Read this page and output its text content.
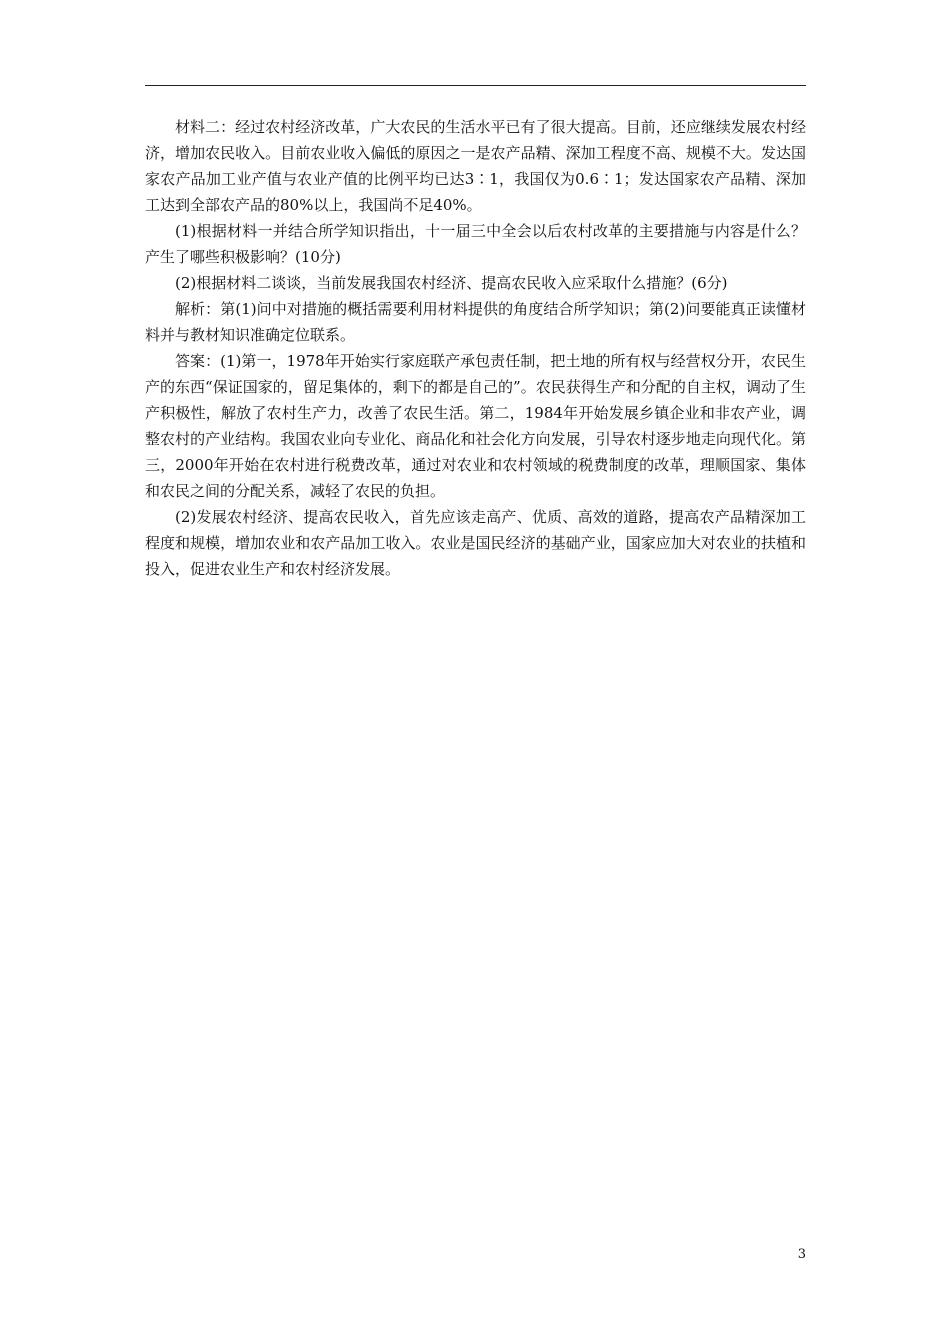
材料二：经过农村经济改革，广大农民的生活水平已有了很大提高。目前，还应继续发展农村经济，增加农民收入。目前农业收入偏低的原因之一是农产品精、深加工程度不高、规模不大。发达国家农产品加工业产值与农业产值的比例平均已达3∶1，我国仅为0.6∶1；发达国家农产品精、深加工达到全部农产品的80%以上，我国尚不足40%。

(1)根据材料一并结合所学知识指出，十一届三中全会以后农村改革的主要措施与内容是什么？产生了哪些积极影响？(10分)

(2)根据材料二谈谈，当前发展我国农村经济、提高农民收入应采取什么措施？(6分)

解析：第(1)问中对措施的概括需要利用材料提供的角度结合所学知识；第(2)问要能真正读懂材料并与教材知识准确定位联系。

答案：(1)第一，1978年开始实行家庭联产承包责任制，把土地的所有权与经营权分开，农民生产的东西“保证国家的，留足集体的，剩下的都是自己的”。农民获得生产和分配的自主权，调动了生产积极性，解放了农村生产力，改善了农民生活。第二，1984年开始发展乡镇企业和非农产业，调整农村的产业结构。我国农业向专业化、商品化和社会化方向发展，引导农村逐步地走向现代化。第三，2000年开始在农村进行税费改革，通过对农业和农村领域的税费制度的改革，理顺国家、集体和农民之间的分配关系，减轻了农民的负担。

(2)发展农村经济、提高农民收入，首先应该走高产、优质、高效的道路，提高农产品精深加工程度和规模，增加农业和农产品加工收入。农业是国民经济的基础产业，国家应加大对农业的扶植和投入，促进农业生产和农村经济发展。

3
